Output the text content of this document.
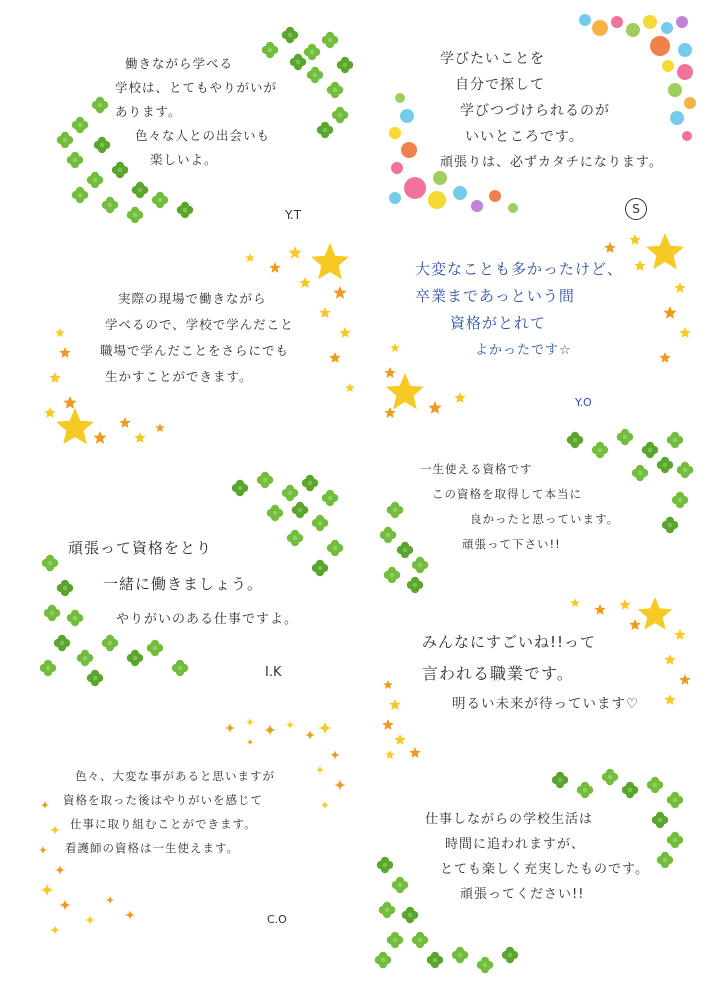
働きながら学べる
学校は、とてもやりがいが
あります。
色々な人との出会いも
楽しいよ。
Y.T
学びたいことを
自分で探して
学びつづけられるのが
いいところです。
頑張りは、必ずカタチになります。
S
実際の現場で働きながら
学べるので、学校で学んだこと
職場で学んだことをさらにでも
生かすことができます。
大変なことも多かったけど、
卒業まであっという間
資格がとれて
よかったです☆
Y.O
頑張って資格をとり
一緒に働きましょう。
やりがいのある仕事ですよ。
I.K
一生使える資格です
この資格を取得して本当に
良かったと思っています。
頑張って下さい!!
色々、大変な事があると思いますが
資格を取った後はやりがいを感じて
仕事に取り組むことができます。
看護師の資格は一生使えます。
C.O
みんなにすごいね!!って
言われる職業です。
明るい未来が待っています♡
仕事しながらの学校生活は
時間に追われますが、
とても楽しく充実したものです。
頑張ってください!!
